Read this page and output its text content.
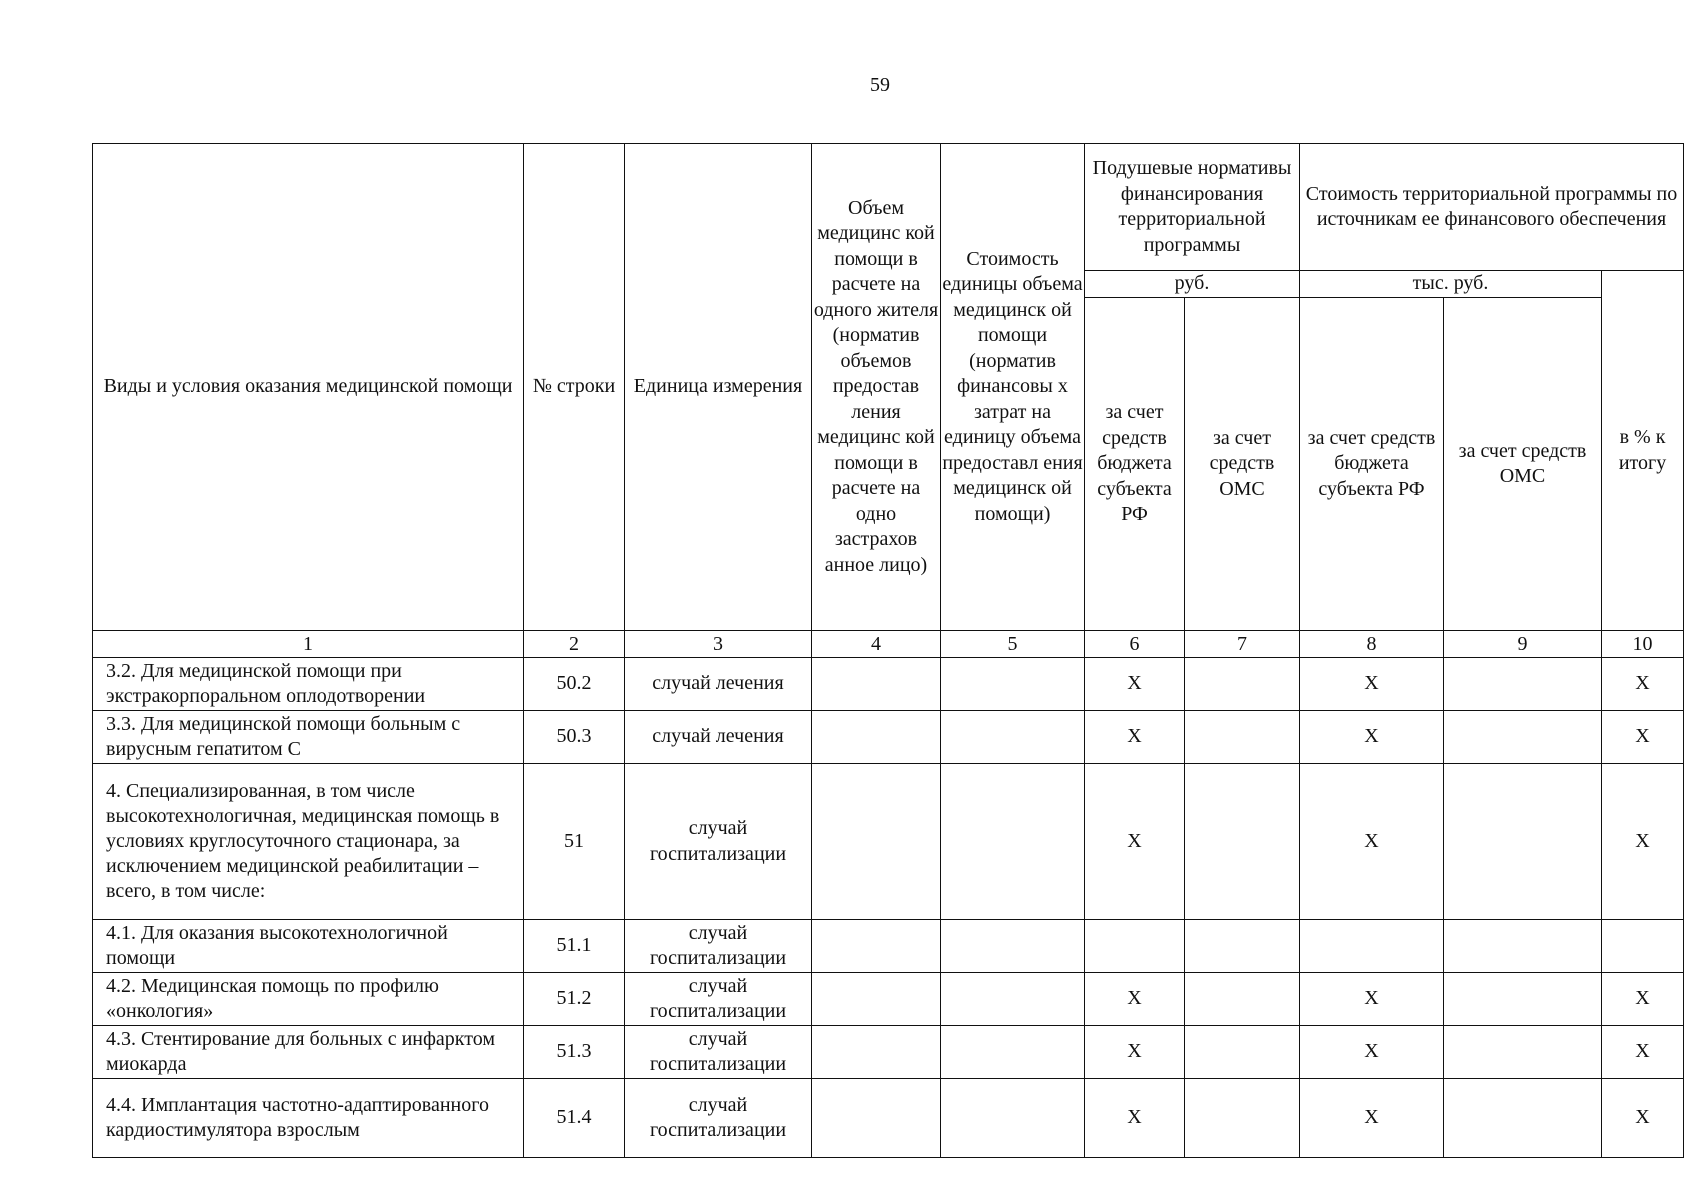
59
Виды и условия оказания медицинской помощи	№ строки	Единица измерения	Объем медицинс кой помощи в расчете на одного жителя (норматив объемов предостав ления медицинс кой помощи в расчете на одно застрахов анное лицо)	Стоимость единицы объема медицинск ой помощи (норматив финансовы х затрат на единицу объема предоставл ения медицинск ой помощи)	Подушевые нормативы финансирования территориальной программы		Стоимость территориальной программы по источникам ее финансового обеспечения		
					руб.		тыс. руб.		в % к итогу
					за счет средств бюджета субъекта РФ	за счет средств ОМС	за счет средств бюджета субъекта РФ	за счет средств ОМС	
1	2	3	4	5	6	7	8	9	10
3.2. Для медицинской помощи при экстракорпоральном оплодотворении	50.2	случай лечения			X		X		X
3.3. Для медицинской помощи больным с вирусным гепатитом С	50.3	случай лечения			X		X		X
4. Специализированная, в том числе высокотехнологичная, медицинская помощь в условиях круглосуточного стационара, за исключением медицинской реабилитации – всего, в том числе:	51	случай госпитализации			X		X		X
4.1. Для оказания высокотехнологичной помощи	51.1	случай госпитализации							
4.2. Медицинская помощь по профилю «онкология»	51.2	случай госпитализации			X		X		X
4.3. Стентирование для больных с инфарктом миокарда	51.3	случай госпитализации			X		X		X
4.4. Имплантация частотно-адаптированного кардиостимулятора взрослым	51.4	случай госпитализации			X		X		X
